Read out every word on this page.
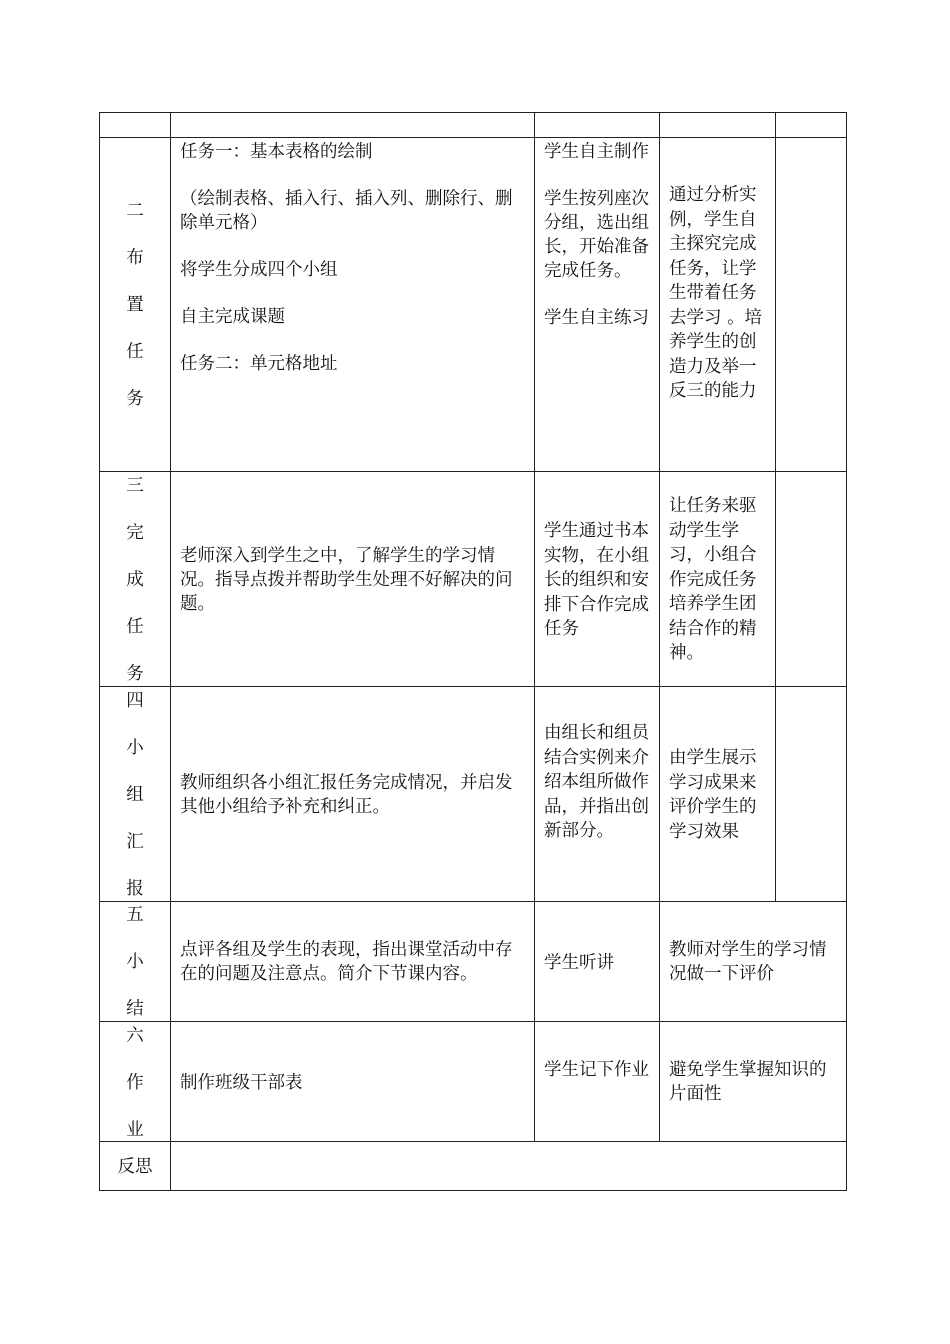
二
布
置
任
务

任务一：基本表格的绘制

（绘制表格、插入行、插入列、删除行、删除单元格）

将学生分成四个小组

自主完成课题

任务二：单元格地址

学生自主制作

学生按列座次分组，选出组长，开始准备完成任务。

学生自主练习

通过分析实例，学生自主探究完成任务，让学生带着任务去学习 。培养学生的创造力及举一反三的能力
三
完
成
任
务
老师深入到学生之中，了解学生的学习情况。指导点拨并帮助学生处理不好解决的问题。
学生通过书本实物，在小组长的组织和安排下合作完成任务
让任务来驱动学生学习，小组合作完成任务培养学生团结合作的精神。
四
小
组
汇
报
教师组织各小组汇报任务完成情况，并启发其他小组给予补充和纠正。
由组长和组员结合实例来介绍本组所做作品，并指出创新部分。
由学生展示学习成果来评价学生的学习效果
五
小
结
点评各组及学生的表现，指出课堂活动中存在的问题及注意点。简介下节课内容。
学生听讲
教师对学生的学习情况做一下评价
六
作
业
制作班级干部表
学生记下作业 避免学生掌握知识的片面性
反思
